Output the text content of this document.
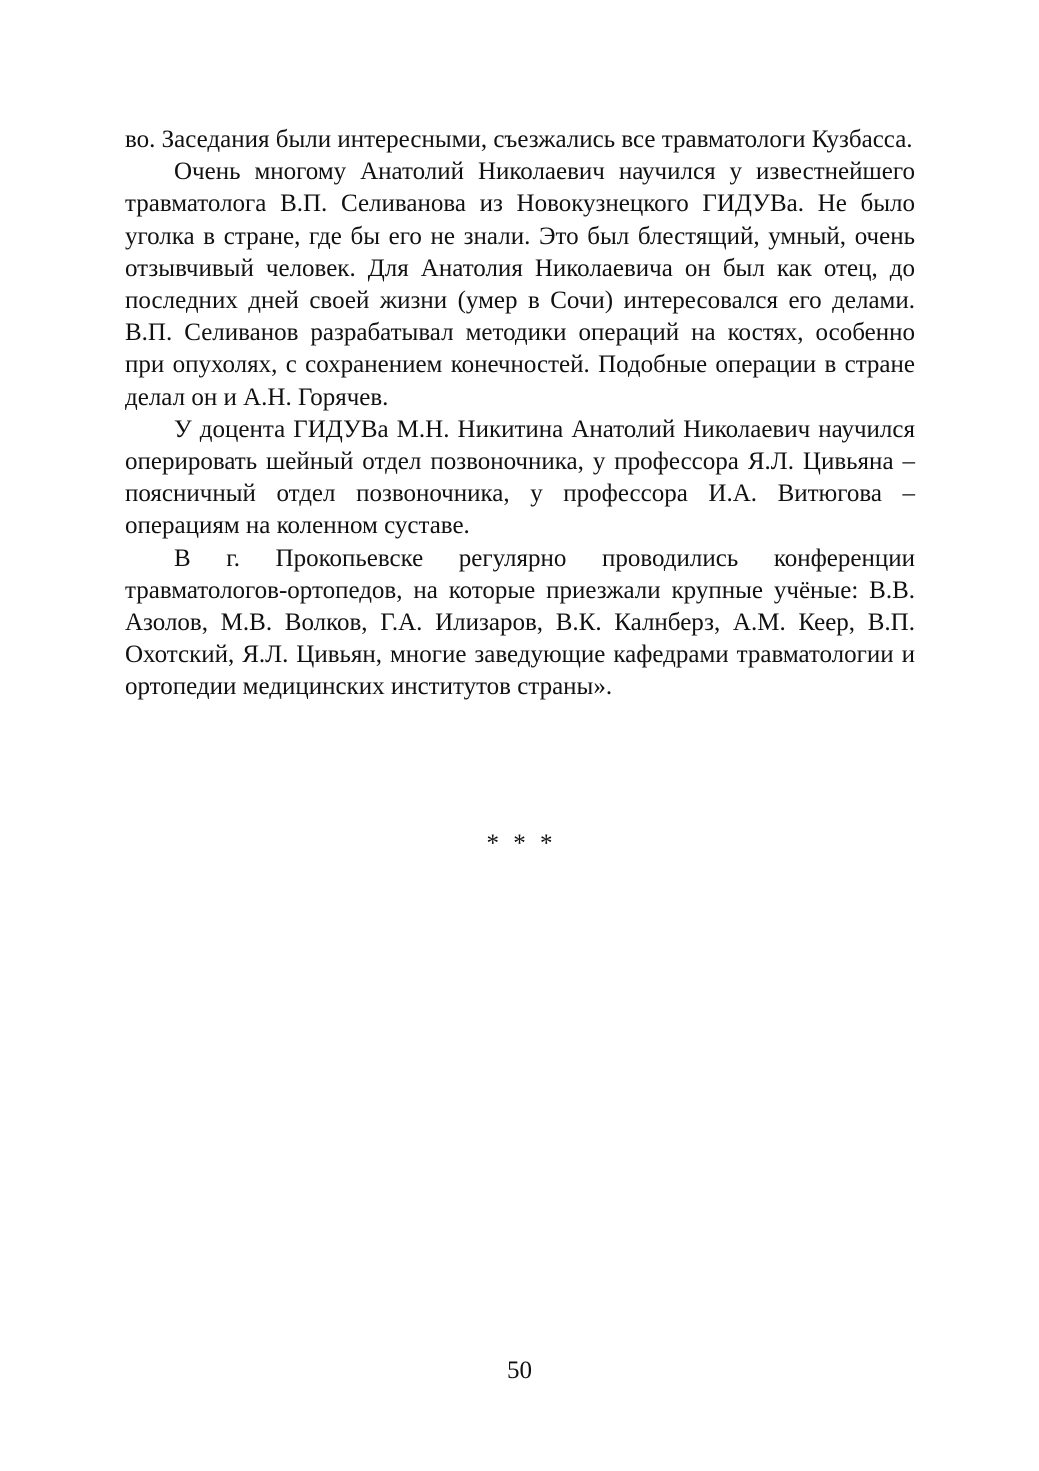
во. Заседания были интересными, съезжались все травматологи Кузбасса.

Очень многому Анатолий Николаевич научился у известнейшего травматолога В.П. Селиванова из Новокузнецкого ГИДУВа. Не было уголка в стране, где бы его не знали. Это был блестящий, умный, очень отзывчивый человек. Для Анатолия Николаевича он был как отец, до последних дней своей жизни (умер в Сочи) интересовался его делами. В.П. Селиванов разрабатывал методики операций на костях, особенно при опухолях, с сохранением конечностей. Подобные операции в стране делал он и А.Н. Горячев.

У доцента ГИДУВа М.Н. Никитина Анатолий Николаевич научился оперировать шейный отдел позвоночника, у профессора Я.Л. Цивьяна – поясничный отдел позвоночника, у профессора И.А. Витюгова – операциям на коленном суставе.

В г. Прокопьевске регулярно проводились конференции травматологов-ортопедов, на которые приезжали крупные учёные: В.В. Азолов, М.В. Волков, Г.А. Илизаров, В.К. Калнберз, А.М. Кеер, В.П. Охотский, Я.Л. Цивьян, многие заведующие кафедрами травматологии и ортопедии медицинских институтов страны».

* * *
50
